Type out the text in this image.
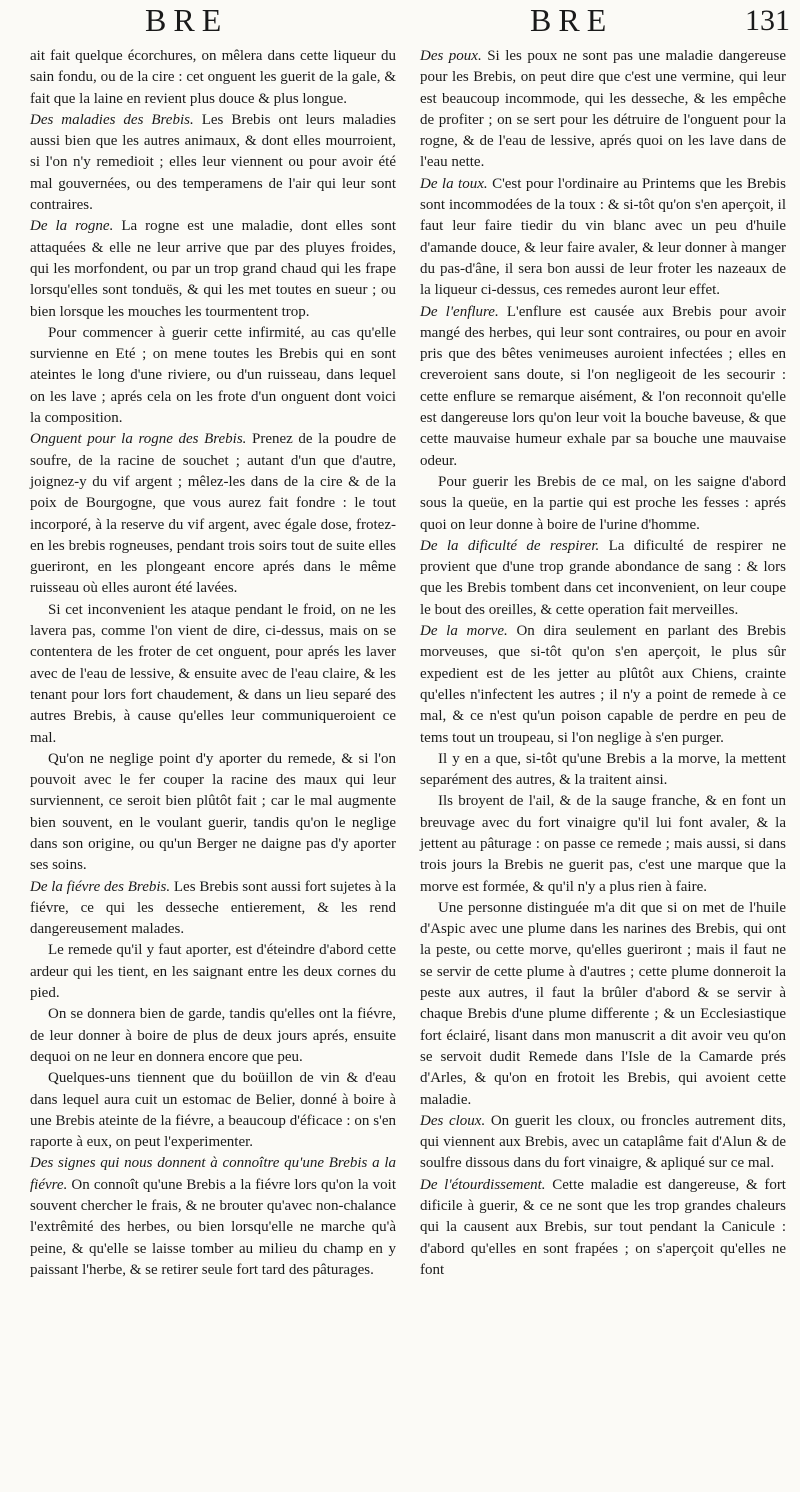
BRE	BRE	131

ait fait quelque écorchures, on mêlera dans cette liqueur du sain fondu, ou de la cire : cet onguent les guerit de la gale, & fait que la laine en revient plus douce & plus longue.

Des maladies des Brebis. Les Brebis ont leurs maladies aussi bien que les autres animaux, & dont elles mourroient, si l'on n'y remedioit ; elles leur viennent ou pour avoir été mal gouvernées, ou des temperamens de l'air qui leur sont contraires.

De la rogne. La rogne est une maladie, dont elles sont attaquées & elle ne leur arrive que par des pluyes froides, qui les morfondent, ou par un trop grand chaud qui les frape lorsqu'elles sont tonduës, & qui les met toutes en sueur ; ou bien lorsque les mouches les tourmentent trop.

Pour commencer à guerir cette infirmité, au cas qu'elle survienne en Eté ; on mene toutes les Brebis qui en sont ateintes le long d'une riviere, ou d'un ruisseau, dans lequel on les lave ; aprés cela on les frote d'un onguent dont voici la composition.

Onguent pour la rogne des Brebis. Prenez de la poudre de soufre, de la racine de souchet ; autant d'un que d'autre, joignez-y du vif argent ; mêlez-les dans de la cire & de la poix de Bourgogne, que vous aurez fait fondre : le tout incorporé, à la reserve du vif argent, avec égale dose, frotez-en les brebis rogneuses, pendant trois soirs tout de suite elles gueriront, en les plongeant encore aprés dans le même ruisseau où elles auront été lavées.

Si cet inconvenient les ataque pendant le froid, on ne les lavera pas, comme l'on vient de dire, ci-dessus, mais on se contentera de les froter de cet onguent, pour aprés les laver avec de l'eau de lessive, & ensuite avec de l'eau claire, & les tenant pour lors fort chaudement, & dans un lieu separé des autres Brebis, à cause qu'elles leur communiqueroient ce mal.

Qu'on ne neglige point d'y aporter du remede, & si l'on pouvoit avec le fer couper la racine des maux qui leur surviennent, ce seroit bien plûtôt fait ; car le mal augmente bien souvent, en le voulant guerir, tandis qu'on le neglige dans son origine, ou qu'un Berger ne daigne pas d'y aporter ses soins.

De la fiévre des Brebis. Les Brebis sont aussi fort sujetes à la fiévre, ce qui les desseche entierement, & les rend dangereusement malades.

Le remede qu'il y faut aporter, est d'éteindre d'abord cette ardeur qui les tient, en les saignant entre les deux cornes du pied.

On se donnera bien de garde, tandis qu'elles ont la fiévre, de leur donner à boire de plus de deux jours aprés, ensuite dequoi on ne leur en donnera encore que peu.

Quelques-uns tiennent que du boüillon de vin & d'eau dans lequel aura cuit un estomac de Belier, donné à boire à une Brebis ateinte de la fiévre, a beaucoup d'éficace : on s'en raporte à eux, on peut l'experimenter.

Des signes qui nous donnent à connoître qu'une Brebis a la fiévre. On connoît qu'une Brebis a la fiévre lors qu'on la voit souvent chercher le frais, & ne brouter qu'avec non-chalance l'extrêmité des herbes, ou bien lorsqu'elle ne marche qu'à peine, & qu'elle se laisse tomber au milieu du champ en y paissant l'herbe, & se retirer seule fort tard des pâturages.

Des poux. Si les poux ne sont pas une maladie dangereuse pour les Brebis, on peut dire que c'est une vermine, qui leur est beaucoup incommode, qui les desseche, & les empêche de profiter ; on se sert pour les détruire de l'onguent pour la rogne, & de l'eau de lessive, aprés quoi on les lave dans de l'eau nette.

De la toux. C'est pour l'ordinaire au Printems que les Brebis sont incommodées de la toux : & si-tôt qu'on s'en aperçoit, il faut leur faire tiedir du vin blanc avec un peu d'huile d'amande douce, & leur faire avaler, & leur donner à manger du pas-d'âne, il sera bon aussi de leur froter les nazeaux de la liqueur ci-dessus, ces remedes auront leur effet.

De l'enflure. L'enflure est causée aux Brebis pour avoir mangé des herbes, qui leur sont contraires, ou pour en avoir pris que des bêtes venimeuses auroient infectées ; elles en creveroient sans doute, si l'on negligeoit de les secourir : cette enflure se remarque aisément, & l'on reconnoit qu'elle est dangereuse lors qu'on leur voit la bouche baveuse, & que cette mauvaise humeur exhale par sa bouche une mauvaise odeur.

Pour guerir les Brebis de ce mal, on les saigne d'abord sous la queüe, en la partie qui est proche les fesses : aprés quoi on leur donne à boire de l'urine d'homme.

De la dificulté de respirer. La dificulté de respirer ne provient que d'une trop grande abondance de sang : & lors que les Brebis tombent dans cet inconvenient, on leur coupe le bout des oreilles, & cette operation fait merveilles.

De la morve. On dira seulement en parlant des Brebis morveuses, que si-tôt qu'on s'en aperçoit, le plus sûr expedient est de les jetter au plûtôt aux Chiens, crainte qu'elles n'infectent les autres ; il n'y a point de remede à ce mal, & ce n'est qu'un poison capable de perdre en peu de tems tout un troupeau, si l'on neglige à s'en purger.

Il y en a que, si-tôt qu'une Brebis a la morve, la mettent separément des autres, & la traitent ainsi.

Ils broyent de l'ail, & de la sauge franche, & en font un breuvage avec du fort vinaigre qu'il lui font avaler, & la jettent au pâturage : on passe ce remede ; mais aussi, si dans trois jours la Brebis ne guerit pas, c'est une marque que la morve est formée, & qu'il n'y a plus rien à faire.

Une personne distinguée m'a dit que si on met de l'huile d'Aspic avec une plume dans les narines des Brebis, qui ont la peste, ou cette morve, qu'elles gueriront ; mais il faut ne se servir de cette plume à d'autres ; cette plume donneroit la peste aux autres, il faut la brûler d'abord & se servir à chaque Brebis d'une plume differente ; & un Ecclesiastique fort éclairé, lisant dans mon manuscrit a dit avoir veu qu'on se servoit dudit Remede dans l'Isle de la Camarde prés d'Arles, & qu'on en frotoit les Brebis, qui avoient cette maladie.

Des cloux. On guerit les cloux, ou froncles autrement dits, qui viennent aux Brebis, avec un cataplâme fait d'Alun & de soulfre dissous dans du fort vinaigre, & apliqué sur ce mal.

De l'étourdissement. Cette maladie est dangereuse, & fort dificile à guerir, & ce ne sont que les trop grandes chaleurs qui la causent aux Brebis, sur tout pendant la Canicule : d'abord qu'elles en sont frapées ; on s'aperçoit qu'elles ne font
